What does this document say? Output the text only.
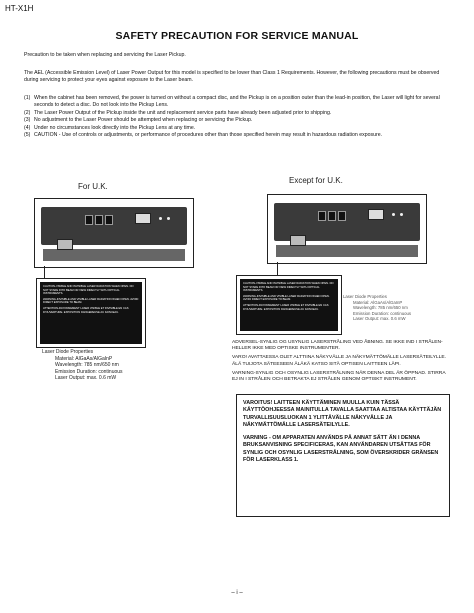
HT-X1H
SAFETY PRECAUTION FOR SERVICE MANUAL
Precaution to be taken when replacing and servicing the Laser Pickup.
The AEL (Accessible Emission Level) of Laser Power Output for this model is specified to be lower than Class 1 Requirements. However, the following precautions must be observed during servicing to protect your eyes against exposure to the Laser beam.
(1) When the cabinet has been removed, the power is turned on without a compact disc, and the Pickup is on a position outer than the lead-in position, the Laser will light for several seconds to detect a disc. Do not look into the Pickup Lens.
(2) The Laser Power Output of the Pickup inside the unit and replacement service parts have already been adjusted prior to shipping.
(3) No adjustment to the Laser Power should be attempted when replacing or servicing the Pickup.
(4) Under no circumstances look directly into the Pickup Lens at any time.
(5) CAUTION - Use of controls or adjustments, or performance of procedures other than those specified herein may result in hazardous radiation exposure.
For U.K.
CAUTION-VISIBLE AND INVISIBLE LASER RADIATION WHEN OPEN. DO NOT STARE INTO BEAM OR VIEW DIRECTLY WITH OPTICAL INSTRUMENTS.
WARNING-INVISIBLE AND VISIBLE LASER RADIATION WHEN OPEN. AVOID DIRECT EXPOSURE TO BEAM.
ATTENTION-RAYONNEMENT LASER VISIBLE ET INVISIBLE EN CAS D'OUVERTURE. EXPOSITION DANGEREUSE AU FAISCEAU.
Laser Diode Properties
Material: AlGaAs/AlGaInP
Wavelength: 785 nm/650 nm
Emission Duration: continuous
Laser Output: max. 0.6 mW
Except for U.K.
CAUTION-VISIBLE AND INVISIBLE LASER RADIATION WHEN OPEN. DO NOT STARE INTO BEAM OR VIEW DIRECTLY WITH OPTICAL INSTRUMENTS.
WARNING-INVISIBLE AND VISIBLE LASER RADIATION WHEN OPEN. AVOID DIRECT EXPOSURE TO BEAM.
ATTENTION-RAYONNEMENT LASER VISIBLE ET INVISIBLE EN CAS D'OUVERTURE. EXPOSITION DANGEREUSE AU FAISCEAU.
Laser Diode Properties
Material: AlGaAs/AlGaInP
Wavelength: 785 nm/650 nm
Emission Duration: continuous
Laser Output: max. 0.6 mW
ADVERSEL-SYNLIG OG USYNLIG LASERSTRÅLING VED ÅBNING. SE IKKE IND I STRÅLEN-HELLER IKKE MED OPTISKE INSTRUMENTER.
VARO! AVATTAESSA OLET ALTTIINA NÄKYVÄLLE JA NÄKYMÄTTÖMÄLLE LASERSÄTEILYLLE. ÄLÄ TUIJOTA SÄTEESEEN ÄLÄKÄ KATSO SITÄ OPTISEN LAITTEEN LÄPI.
VARNING-SYNLIG OCH OSYNLIG LASERSTRÅLNING NÄR DENNA DEL ÄR ÖPPNAD. STIRRA EJ IN I STRÅLEN OCH BETRAKTA EJ STRÅLEN GENOM OPTISKT INSTRUMENT.
VAROITUS! LAITTEEN KÄYTTÄMINEN MUULLA KUIN TÄSSÄ KÄYTTÖOHJEESSA MAINITULLA TAVALLA SAATTAA ALTISTAA KÄYTTÄJÄN TURVALLISUUSLUOKAN 1 YLITTÄVÄLLE NÄKYVÄLLE JA NÄKYMÄTTÖMÄLLE LASERSÄTEILYLLE.
VARNING - OM APPARATEN ANVÄNDS PÅ ANNAT SÄTT ÄN I DENNA BRUKSANVISNING SPECIFICERAS, KAN ANVÄNDAREN UTSÄTTAS FÖR SYNLIG OCH OSYNLIG LASERSTRÅLNING, SOM ÖVERSKRIDER GRÄNSEN FÖR LASERKLASS 1.
– i –
